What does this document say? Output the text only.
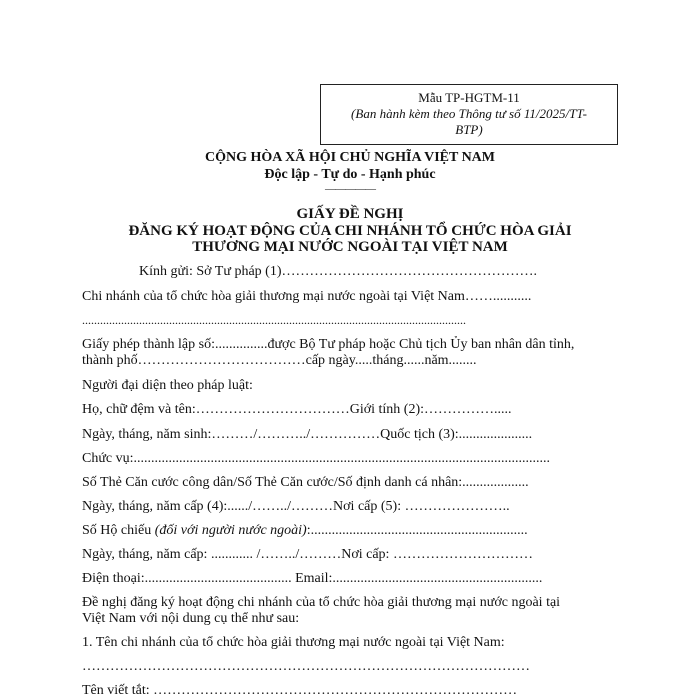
Mẫu TP-HGTM-11
(Ban hành kèm theo Thông tư số 11/2025/TT-
BTP)
CỘNG HÒA XÃ HỘI CHỦ NGHĨA VIỆT NAM
Độc lập - Tự do - Hạnh phúc
—————
GIẤY ĐỀ NGHỊ
ĐĂNG KÝ HOẠT ĐỘNG CỦA CHI NHÁNH TỔ CHỨC HÒA GIẢI
THƯƠNG MẠI NƯỚC NGOÀI TẠI VIỆT NAM
Kính gửi: Sở Tư pháp (1)……………………………………………….
Chi nhánh của tổ chức hòa giải thương mại nước ngoài tại Việt Nam……...........
................................................................................................................................
Giấy phép thành lập số:...............được Bộ Tư pháp hoặc Chủ tịch Ủy ban nhân dân tỉnh,
thành phố………………………………cấp ngày.....tháng......năm........
Người đại diện theo pháp luật:
Họ, chữ đệm và tên:……………………………Giới tính (2):…………….....
Ngày, tháng, năm sinh:………/………../……………Quốc tịch (3):.....................
Chức vụ:.......................................................................................................................
Số Thẻ Căn cước công dân/Số Thẻ Căn cước/Số định danh cá nhân:...................
Ngày, tháng, năm cấp (4):....../……../………Nơi cấp (5): …………………..
Số Hộ chiếu (đối với người nước ngoài):..............................................................
Ngày, tháng, năm cấp: ............ /……../………Nơi cấp: …………………………
Điện thoại:.......................................... Email:............................................................
Đề nghị đăng ký hoạt động chi nhánh của tổ chức hòa giải thương mại nước ngoài tại
Việt Nam với nội dung cụ thể như sau:
1. Tên chi nhánh của tổ chức hòa giải thương mại nước ngoài tại Việt Nam:
……………………………………………………………………………………
Tên viết tắt: ……………………………………………………………………
